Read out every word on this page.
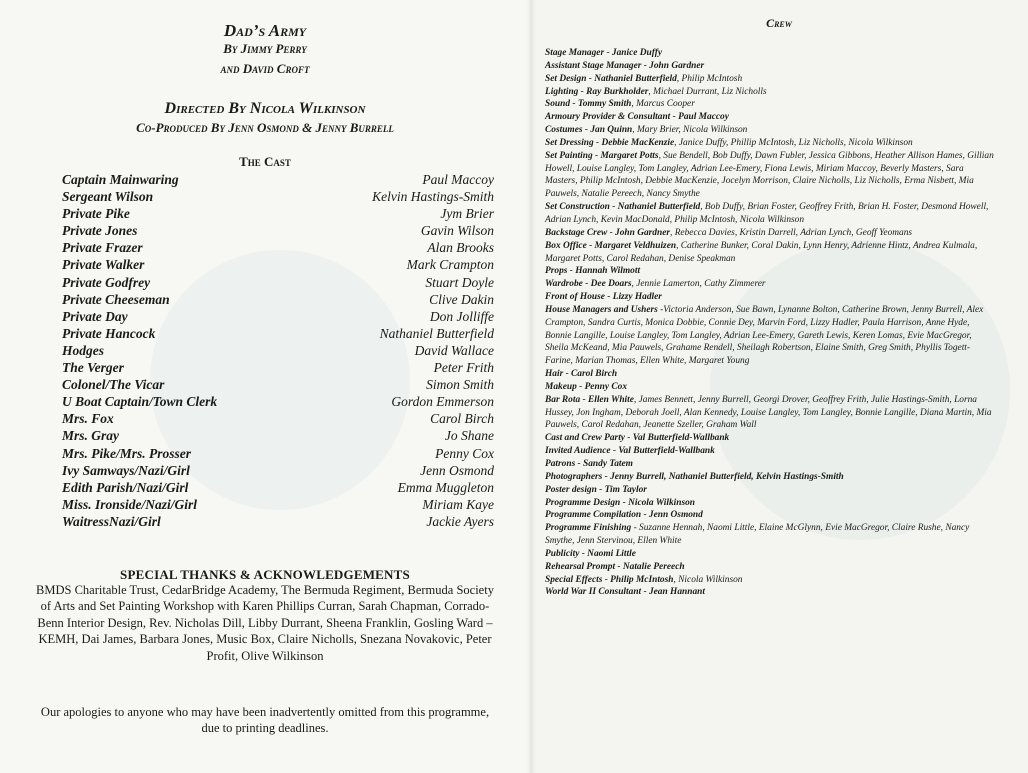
Dad’s Army

By Jimmy Perry

and David Croft

Directed By Nicola Wilkinson

Co-Produced By Jenn Osmond & Jenny Burrell

The Cast
Captain Mainwaring	Paul Maccoy
Sergeant Wilson	Kelvin Hastings-Smith
Private Pike	Jym Brier
Private Jones	Gavin Wilson
Private Frazer	Alan Brooks
Private Walker	Mark Crampton
Private Godfrey	Stuart Doyle
Private Cheeseman	Clive Dakin
Private Day	Don Jolliffe
Private Hancock	Nathaniel Butterfield
Hodges	David Wallace
The Verger	Peter Frith
Colonel/The Vicar	Simon Smith
U Boat Captain/Town Clerk	Gordon Emmerson
Mrs. Fox	Carol Birch
Mrs. Gray	Jo Shane
Mrs. Pike/Mrs. Prosser	Penny Cox
Ivy Samways/Nazi/Girl	Jenn Osmond
Edith Parish/Nazi/Girl	Emma Muggleton
Miss. Ironside/Nazi/Girl	Miriam Kaye
WaitressNazi/Girl	Jackie Ayers
SPECIAL THANKS & ACKNOWLEDGEMENTS

BMDS Charitable Trust, CedarBridge Academy, The Bermuda Regiment, Bermuda Society of Arts and Set Painting Workshop with Karen Phillips Curran, Sarah Chapman, Corrado-Benn Interior Design, Rev. Nicholas Dill, Libby Durrant, Sheena Franklin, Gosling Ward – KEMH, Dai James, Barbara Jones, Music Box, Claire Nicholls, Snezana Novakovic, Peter Profit, Olive Wilkinson

Our apologies to anyone who may have been inadvertently omitted from this programme, due to printing deadlines.

Crew
Stage Manager - Janice Duffy
Assistant Stage Manager - John Gardner
Set Design - Nathaniel Butterfield, Philip McIntosh
Lighting - Ray Burkholder, Michael Durrant, Liz Nicholls
Sound - Tommy Smith, Marcus Cooper
Armoury Provider & Consultant - Paul Maccoy
Costumes - Jan Quinn, Mary Brier, Nicola Wilkinson
Set Dressing - Debbie MacKenzie, Janice Duffy, Phillip McIntosh, Liz Nicholls, Nicola Wilkinson
Set Painting - Margaret Potts, Sue Bendell, Bob Duffy, Dawn Fubler, Jessica Gibbons, Heather Allison Hames, Gillian Howell, Louise Langley, Tom Langley, Adrian Lee-Emery, Fiona Lewis, Miriam Maccoy, Beverly Masters, Sara Masters, Philip McIntosh, Debbie MacKenzie, Jocelyn Morrison, Claire Nicholls, Liz Nicholls, Erma Nisbett, Mia Pauwels, Natalie Pereech, Nancy Smythe
Set Construction - Nathaniel Butterfield, Bob Duffy, Brian Foster, Geoffrey Frith, Brian H. Foster, Desmond Howell, Adrian Lynch, Kevin MacDonald, Philip McIntosh, Nicola Wilkinson
Backstage Crew - John Gardner, Rebecca Davies, Kristin Darrell, Adrian Lynch, Geoff Yeomans
Box Office - Margaret Veldhuizen, Catherine Bunker, Coral Dakin, Lynn Henry, Adrienne Hintz, Andrea Kulmala, Margaret Potts, Carol Redahan, Denise Speakman
Props - Hannah Wilmott
Wardrobe - Dee Doars, Jennie Lamerton, Cathy Zimmerer
Front of House - Lizzy Hadler
House Managers and Ushers -Victoria Anderson, Sue Bawn, Lynanne Bolton, Catherine Brown, Jenny Burrell, Alex Crampton, Sandra Curtis, Monica Dobbie, Connie Dey, Marvin Ford, Lizzy Hadler, Paula Harrison, Anne Hyde, Bonnie Langille, Louise Langley, Tom Langley, Adrian Lee-Emery, Gareth Lewis, Keren Lomas, Evie MacGregor, Sheila McKeand, Mia Pauwels, Grahame Rendell, Sheilagh Robertson, Elaine Smith, Greg Smith, Phyllis Togett-Farine, Marian Thomas, Ellen White, Margaret Young
Hair - Carol Birch
Makeup - Penny Cox
Bar Rota - Ellen White, James Bennett, Jenny Burrell, Georgi Drover, Geoffrey Frith, Julie Hastings-Smith, Lorna Hussey, Jon Ingham, Deborah Joell, Alan Kennedy, Louise Langley, Tom Langley, Bonnie Langille, Diana Martin, Mia Pauwels, Carol Redahan, Jeanette Szeller, Graham Wall
Cast and Crew Party - Val Butterfield-Wallbank
Invited Audience - Val Butterfield-Wallbank
Patrons - Sandy Tatem
Photographers - Jenny Burrell, Nathaniel Butterfield, Kelvin Hastings-Smith
Poster design - Tim Taylor
Programme Design - Nicola Wilkinson
Programme Compilation - Jenn Osmond
Programme Finishing - Suzanne Hennah, Naomi Little, Elaine McGlynn, Evie MacGregor, Claire Rushe, Nancy Smythe, Jenn Stervinou, Ellen White
Publicity - Naomi Little
Rehearsal Prompt - Natalie Pereech
Special Effects - Philip McIntosh, Nicola Wilkinson
World War II Consultant - Jean Hannant
